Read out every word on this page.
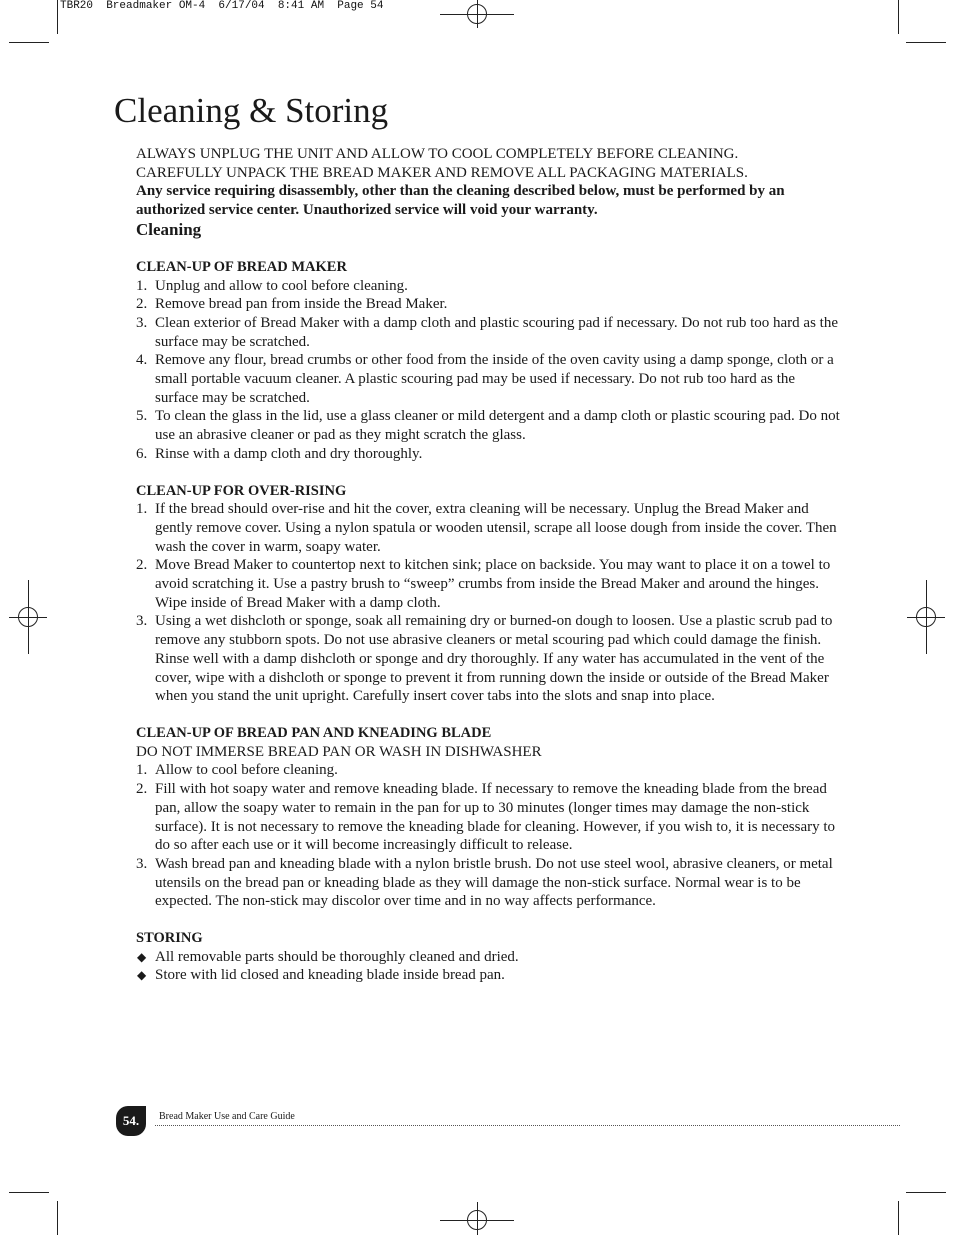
TBR20  Breadmaker OM-4  6/17/04  8:41 AM  Page 54
Cleaning & Storing
ALWAYS UNPLUG THE UNIT AND ALLOW TO COOL COMPLETELY BEFORE CLEANING.
CAREFULLY UNPACK THE BREAD MAKER AND REMOVE ALL PACKAGING MATERIALS.
Any service requiring disassembly, other than the cleaning described below, must be performed by an authorized service center. Unauthorized service will void your warranty.
Cleaning
CLEAN-UP OF BREAD MAKER
1. Unplug and allow to cool before cleaning.
2. Remove bread pan from inside the Bread Maker.
3. Clean exterior of Bread Maker with a damp cloth and plastic scouring pad if necessary. Do not rub too hard as the surface may be scratched.
4. Remove any flour, bread crumbs or other food from the inside of the oven cavity using a damp sponge, cloth or a small portable vacuum cleaner. A plastic scouring pad may be used if necessary. Do not rub too hard as the surface may be scratched.
5. To clean the glass in the lid, use a glass cleaner or mild detergent and a damp cloth or plastic scouring pad. Do not use an abrasive cleaner or pad as they might scratch the glass.
6. Rinse with a damp cloth and dry thoroughly.
CLEAN-UP FOR OVER-RISING
1. If the bread should over-rise and hit the cover, extra cleaning will be necessary. Unplug the Bread Maker and gently remove cover. Using a nylon spatula or wooden utensil, scrape all loose dough from inside the cover. Then wash the cover in warm, soapy water.
2. Move Bread Maker to countertop next to kitchen sink; place on backside. You may want to place it on a towel to avoid scratching it. Use a pastry brush to “sweep” crumbs from inside the Bread Maker and around the hinges. Wipe inside of Bread Maker with a damp cloth.
3. Using a wet dishcloth or sponge, soak all remaining dry or burned-on dough to loosen. Use a plastic scrub pad to remove any stubborn spots. Do not use abrasive cleaners or metal scouring pad which could damage the finish. Rinse well with a damp dishcloth or sponge and dry thoroughly. If any water has accumulated in the vent of the cover, wipe with a dishcloth or sponge to prevent it from running down the inside or outside of the Bread Maker when you stand the unit upright. Carefully insert cover tabs into the slots and snap into place.
CLEAN-UP OF BREAD PAN AND KNEADING BLADE
DO NOT IMMERSE BREAD PAN OR WASH IN DISHWASHER
1. Allow to cool before cleaning.
2. Fill with hot soapy water and remove kneading blade. If necessary to remove the kneading blade from the bread pan, allow the soapy water to remain in the pan for up to 30 minutes (longer times may damage the non-stick surface). It is not necessary to remove the kneading blade for cleaning. However, if you wish to, it is necessary to do so after each use or it will become increasingly difficult to release.
3. Wash bread pan and kneading blade with a nylon bristle brush. Do not use steel wool, abrasive cleaners, or metal utensils on the bread pan or kneading blade as they will damage the non-stick surface. Normal wear is to be expected. The non-stick may discolor over time and in no way affects performance.
STORING
◆ All removable parts should be thoroughly cleaned and dried.
◆ Store with lid closed and kneading blade inside bread pan.
54.	Bread Maker Use and Care Guide
